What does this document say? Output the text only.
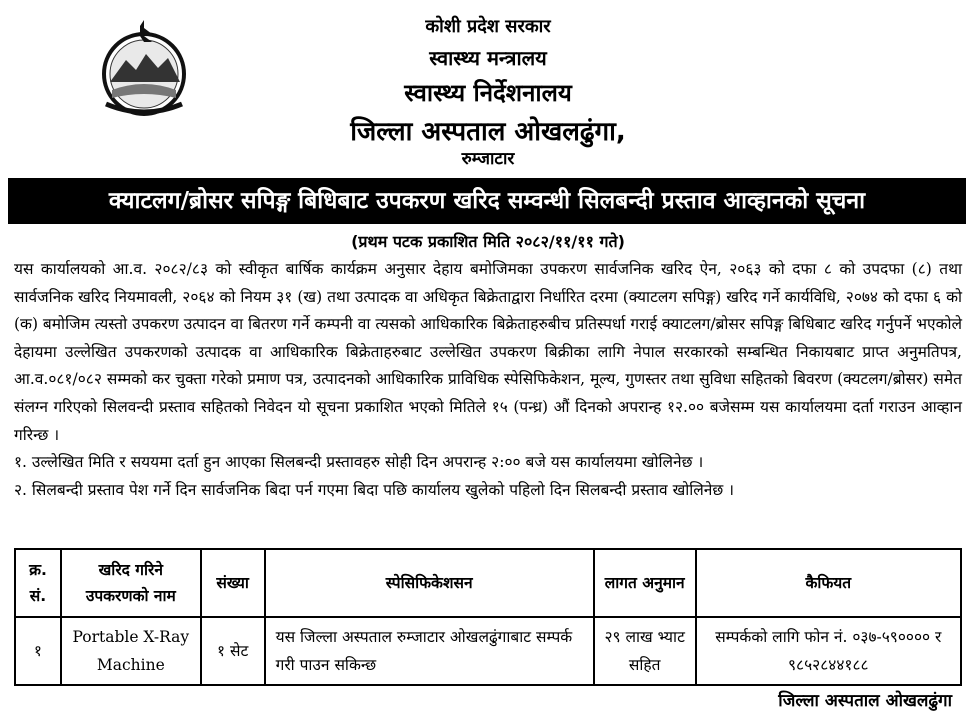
कोशी प्रदेश सरकार
स्वास्थ्य मन्त्रालय
स्वास्थ्य निर्देशनालय
जिल्ला अस्पताल ओखलढुंगा,
रुम्जाटार
क्याटलग/ब्रोसर सपिङ्ग बिधिबाट उपकरण खरिद सम्वन्धी सिलबन्दी प्रस्ताव आव्हानको सूचना
(प्रथम पटक प्रकाशित मिति २०८२/११/११ गते)

यस कार्यालयको आ.व. २०८२/८३ को स्वीकृत बार्षिक कार्यक्रम अनुसार देहाय बमोजिमका उपकरण सार्वजनिक खरिद ऐन, २०६३ को दफा ८ को उपदफा (८) तथा सार्वजनिक खरिद नियमावली, २०६४ को नियम ३१ (ख) तथा उत्पादक वा अधिकृत बिक्रेताद्वारा निर्धारित दरमा (क्याटलग सपिङ्ग) खरिद गर्ने कार्यविधि, २०७४ को दफा ६ को (क) बमोजिम त्यस्तो उपकरण उत्पादन वा बितरण गर्ने कम्पनी वा त्यसको आधिकारिक बिक्रेताहरुबीच प्रतिस्पर्धा गराई क्याटलग/ब्रोसर सपिङ्ग बिधिबाट खरिद गर्नुपर्ने भएकोले देहायमा उल्लेखित उपकरणको उत्पादक वा आधिकारिक बिक्रेताहरुबाट उल्लेखित उपकरण बिक्रीका लागि नेपाल सरकारको सम्बन्धित निकायबाट प्राप्त अनुमतिपत्र, आ.व.०८१/०८२ सम्मको कर चुक्ता गरेको प्रमाण पत्र, उत्पादनको आधिकारिक प्राविधिक स्पेसिफिकेशन, मूल्य, गुणस्तर तथा सुविधा सहितको बिवरण (क्यटलग/ब्रोसर) समेत संलग्न गरिएको सिलवन्दी प्रस्ताव सहितको निवेदन यो सूचना प्रकाशित भएको मितिले १५ (पन्ध्र) औं दिनको अपरान्ह १२.०० बजेसम्म यस कार्यालयमा दर्ता गराउन आव्हान गरिन्छ ।

१. उल्लेखित मिति र सययमा दर्ता हुन आएका सिलबन्दी प्रस्तावहरु सोही दिन अपरान्ह २:०० बजे यस कार्यालयमा खोलिनेछ ।

२. सिलबन्दी प्रस्ताव पेश गर्ने दिन सार्वजनिक बिदा पर्न गएमा बिदा पछि कार्यालय खुलेको पहिलो दिन सिलबन्दी प्रस्ताव खोलिनेछ ।

क्र. सं.	खरिद गरिने उपकरणको नाम	संख्या	स्पेसिफिकेशसन	लागत अनुमान	कैफियत
१	Portable X-Ray Machine	१ सेट	यस जिल्ला अस्पताल रुम्जाटार ओखलढुंगाबाट सम्पर्क गरी पाउन सकिन्छ	२९ लाख भ्याट सहित	सम्पर्कको लागि फोन नं. ०३७-५९०००० र ९८५२८४४१८८
जिल्ला अस्पताल ओखलढुंगा
